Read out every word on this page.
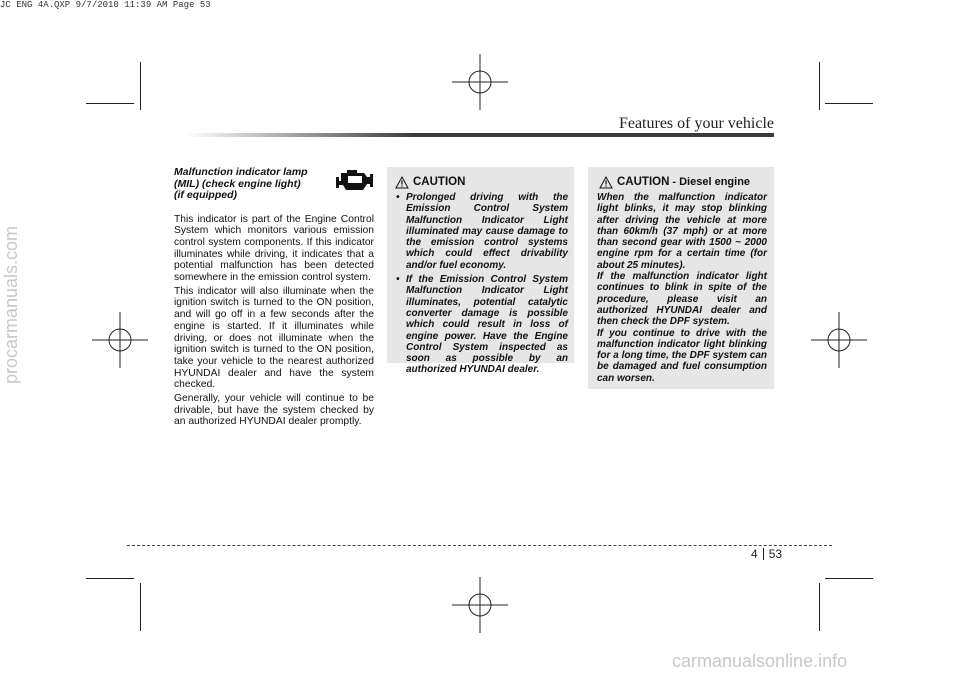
JC ENG 4A.QXP 9/7/2010 11:39 AM Page 53
procarmanuals.com
carmanualsonline.info
Features of your vehicle
Malfunction indicator lamp
(MIL) (check engine light)
(if equipped)

This indicator is part of the Engine Control System which monitors various emission control system components. If this indicator illuminates while driving, it indicates that a potential malfunction has been detected somewhere in the emission control system.

This indicator will also illuminate when the ignition switch is turned to the ON position, and will go off in a few seconds after the engine is started. If it illuminates while driving, or does not illuminate when the ignition switch is turned to the ON position, take your vehicle to the nearest authorized HYUNDAI dealer and have the system checked.

Generally, your vehicle will continue to be drivable, but have the system checked by an authorized HYUNDAI dealer promptly.

CAUTION
• Prolonged driving with the Emission Control System Malfunction Indicator Light illuminated may cause damage to the emission control systems which could effect drivability and/or fuel economy.
• If the Emission Control System Malfunction Indicator Light illuminates, potential catalytic converter damage is possible which could result in loss of engine power. Have the Engine Control System inspected as soon as possible by an authorized HYUNDAI dealer.
CAUTION - Diesel engine

When the malfunction indicator light blinks, it may stop blinking after driving the vehicle at more than 60km/h (37 mph) or at more than second gear with 1500 ~ 2000 engine rpm for a certain time (for about 25 minutes).

If the malfunction indicator light continues to blink in spite of the procedure, please visit an authorized HYUNDAI dealer and then check the DPF system.

If you continue to drive with the malfunction indicator light blinking for a long time, the DPF system can be damaged and fuel consumption can worsen.

4 53
